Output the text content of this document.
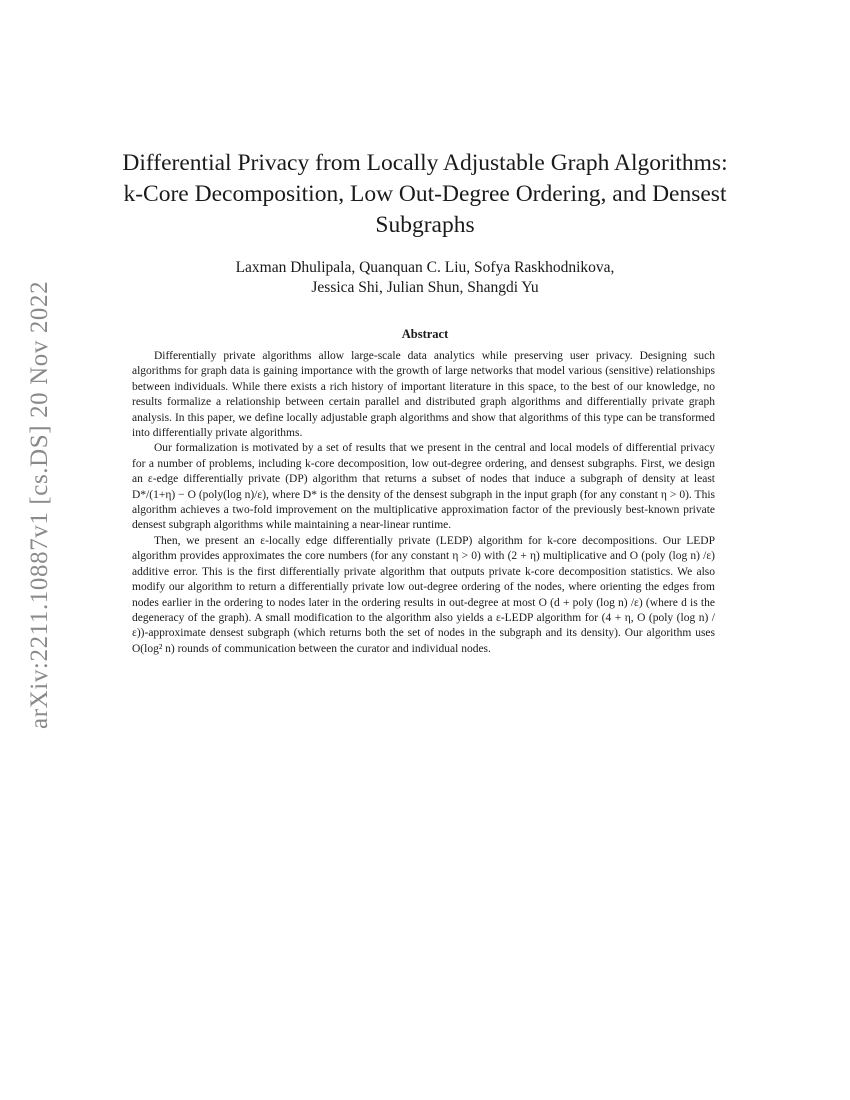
arXiv:2211.10887v1 [cs.DS] 20 Nov 2022
Differential Privacy from Locally Adjustable Graph Algorithms:
k-Core Decomposition, Low Out-Degree Ordering, and Densest
Subgraphs
Laxman Dhulipala, Quanquan C. Liu, Sofya Raskhodnikova,
Jessica Shi, Julian Shun, Shangdi Yu
Abstract

Differentially private algorithms allow large-scale data analytics while preserving user privacy. Designing such algorithms for graph data is gaining importance with the growth of large networks that model various (sensitive) relationships between individuals. While there exists a rich history of important literature in this space, to the best of our knowledge, no results formalize a relationship between certain parallel and distributed graph algorithms and differentially private graph analysis. In this paper, we define locally adjustable graph algorithms and show that algorithms of this type can be transformed into differentially private algorithms.

Our formalization is motivated by a set of results that we present in the central and local models of differential privacy for a number of problems, including k-core decomposition, low out-degree ordering, and densest subgraphs. First, we design an ε-edge differentially private (DP) algorithm that returns a subset of nodes that induce a subgraph of density at least D*/(1+η) − O (poly(log n)/ε), where D* is the density of the densest subgraph in the input graph (for any constant η > 0). This algorithm achieves a two-fold improvement on the multiplicative approximation factor of the previously best-known private densest subgraph algorithms while maintaining a near-linear runtime.

Then, we present an ε-locally edge differentially private (LEDP) algorithm for k-core decompositions. Our LEDP algorithm provides approximates the core numbers (for any constant η > 0) with (2 + η) multiplicative and O (poly (log n) /ε) additive error. This is the first differentially private algorithm that outputs private k-core decomposition statistics. We also modify our algorithm to return a differentially private low out-degree ordering of the nodes, where orienting the edges from nodes earlier in the ordering to nodes later in the ordering results in out-degree at most O (d + poly (log n) /ε) (where d is the degeneracy of the graph). A small modification to the algorithm also yields a ε-LEDP algorithm for (4 + η, O (poly (log n) /ε))-approximate densest subgraph (which returns both the set of nodes in the subgraph and its density). Our algorithm uses O(log² n) rounds of communication between the curator and individual nodes.
